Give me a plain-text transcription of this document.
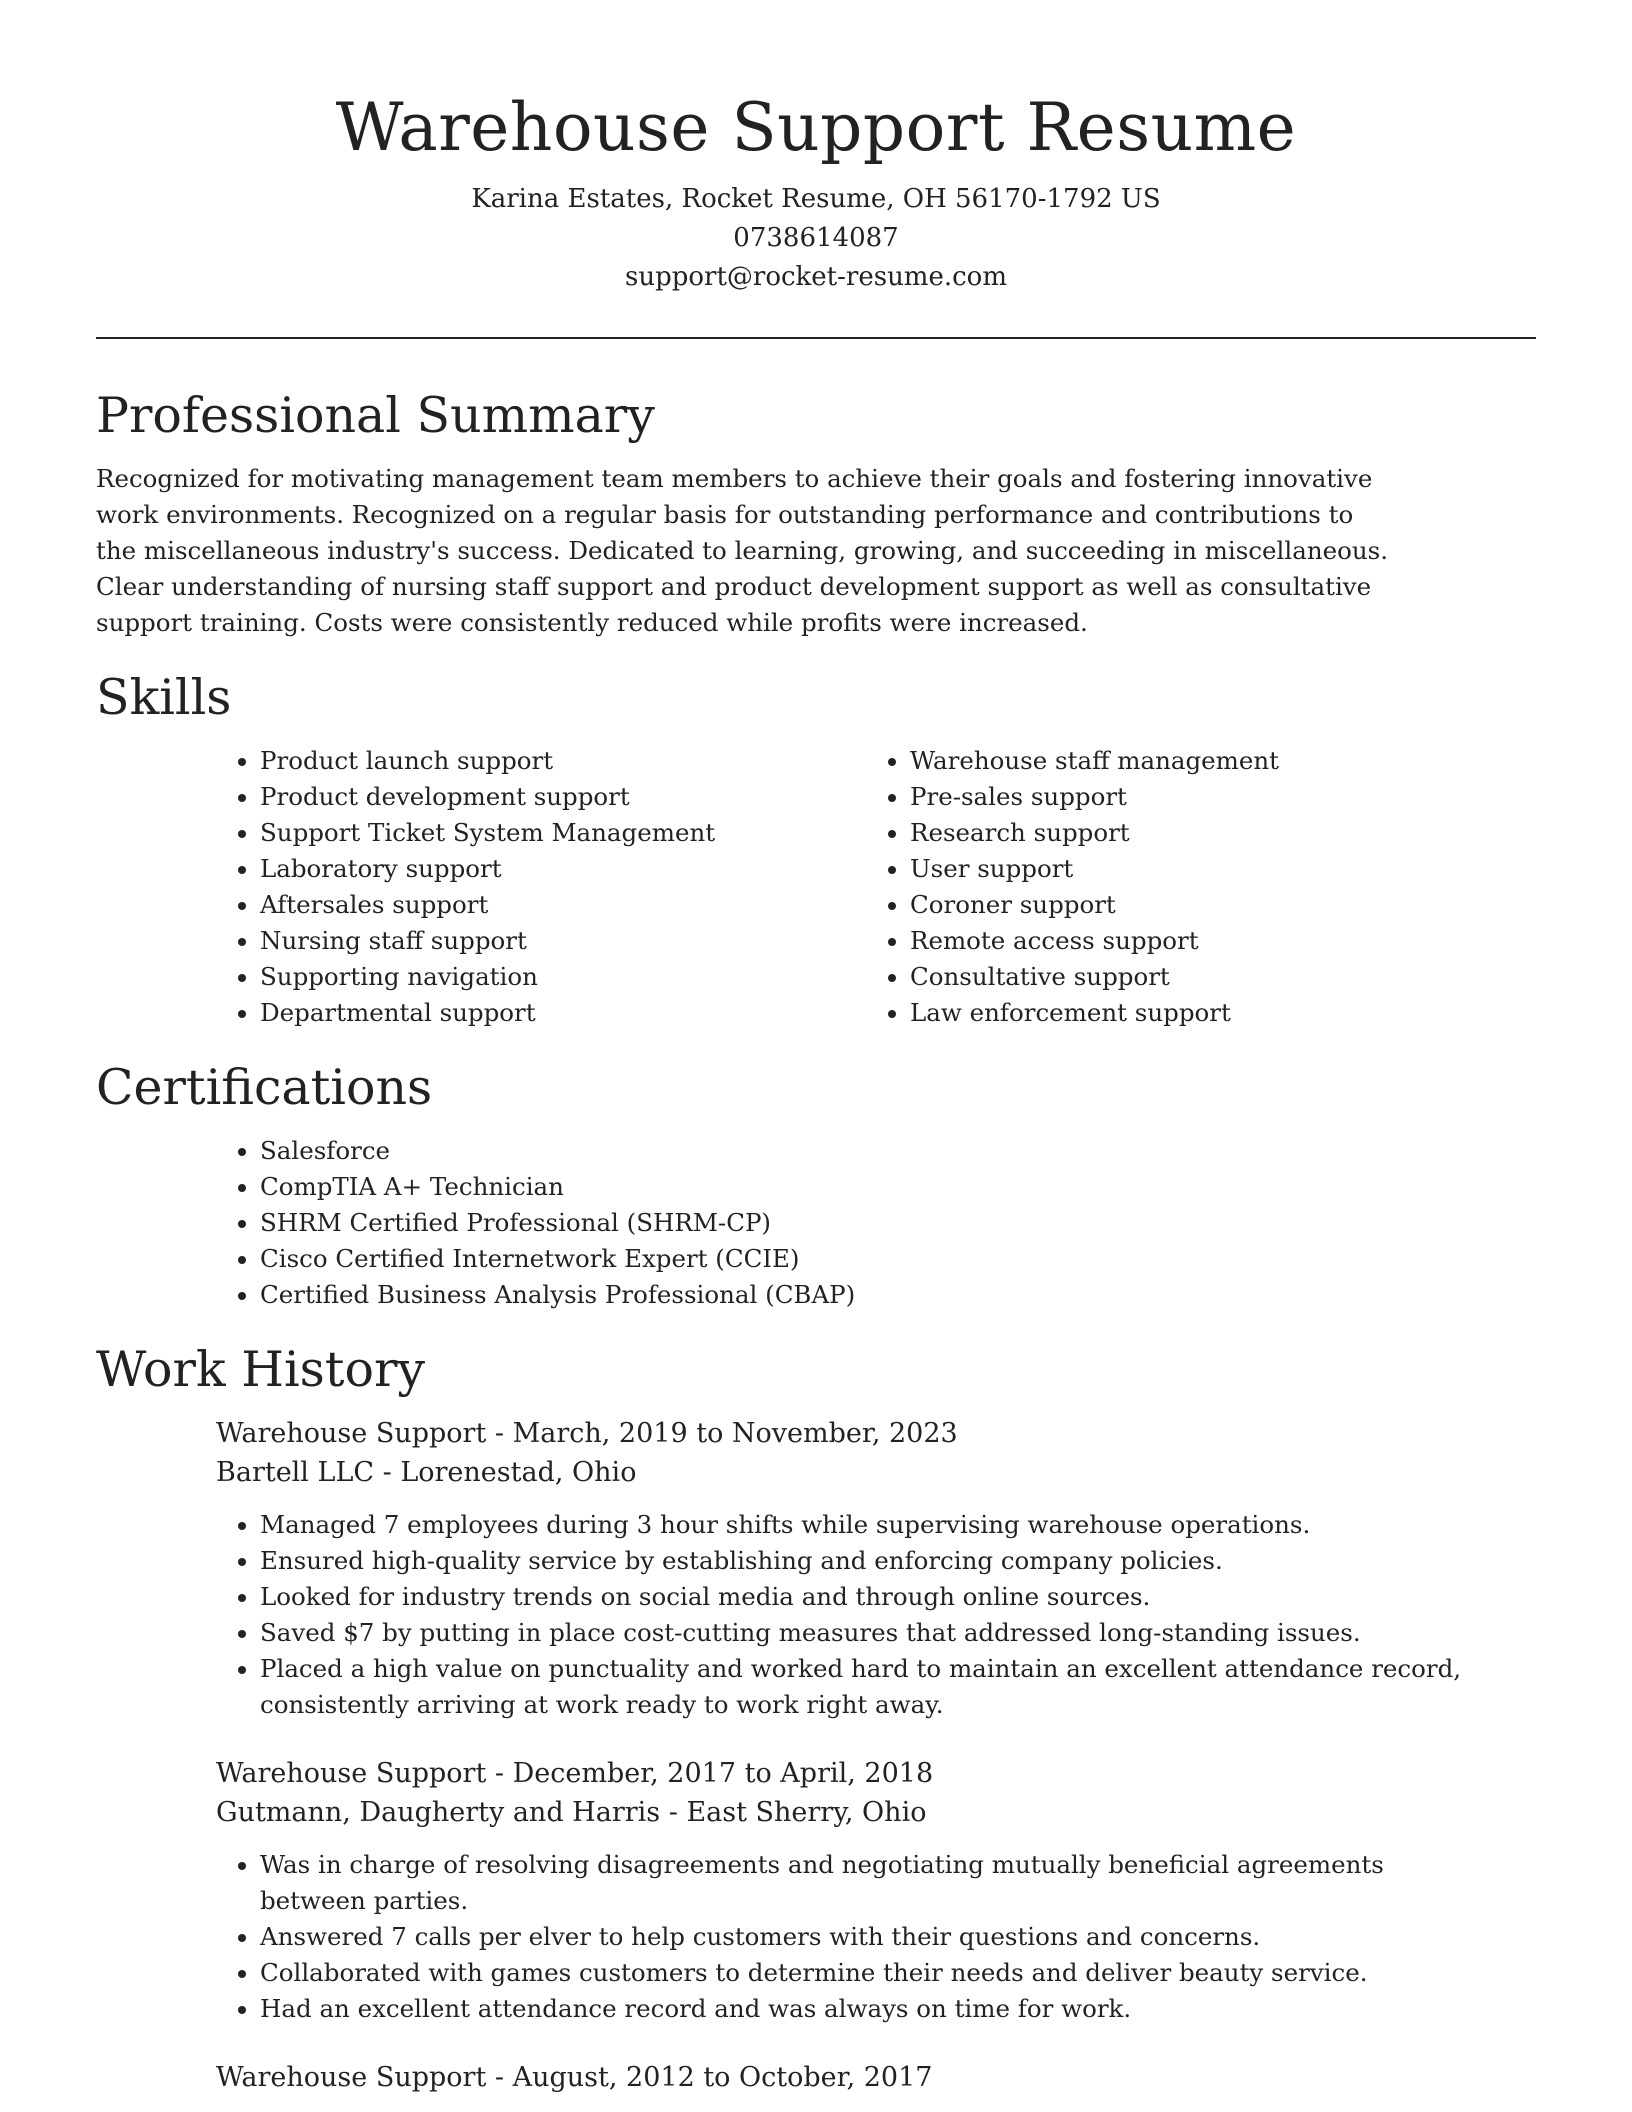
Warehouse Support Resume

Karina Estates, Rocket Resume, OH 56170-1792 US

0738614087

support@rocket-resume.com

Professional Summary

Recognized for motivating management team members to achieve their goals and fostering innovative work environments. Recognized on a regular basis for outstanding performance and contributions to the miscellaneous industry's success. Dedicated to learning, growing, and succeeding in miscellaneous. Clear understanding of nursing staff support and product development support as well as consultative support training. Costs were consistently reduced while profits were increased.

Skills
• Product launch support
• Product development support
• Support Ticket System Management
• Laboratory support
• Aftersales support
• Nursing staff support
• Supporting navigation
• Departmental support
• Warehouse staff management
• Pre-sales support
• Research support
• User support
• Coroner support
• Remote access support
• Consultative support
• Law enforcement support
Certifications
• Salesforce
• CompTIA A+ Technician
• SHRM Certified Professional (SHRM-CP)
• Cisco Certified Internetwork Expert (CCIE)
• Certified Business Analysis Professional (CBAP)
Work History

Warehouse Support - March, 2019 to November, 2023

Bartell LLC - Lorenestad, Ohio

• Managed 7 employees during 3 hour shifts while supervising warehouse operations.
• Ensured high-quality service by establishing and enforcing company policies.
• Looked for industry trends on social media and through online sources.
• Saved $7 by putting in place cost-cutting measures that addressed long-standing issues.
• Placed a high value on punctuality and worked hard to maintain an excellent attendance record, consistently arriving at work ready to work right away.

Warehouse Support - December, 2017 to April, 2018

Gutmann, Daugherty and Harris - East Sherry, Ohio

• Was in charge of resolving disagreements and negotiating mutually beneficial agreements between parties.
• Answered 7 calls per elver to help customers with their questions and concerns.
• Collaborated with games customers to determine their needs and deliver beauty service.
• Had an excellent attendance record and was always on time for work.

Warehouse Support - August, 2012 to October, 2017
